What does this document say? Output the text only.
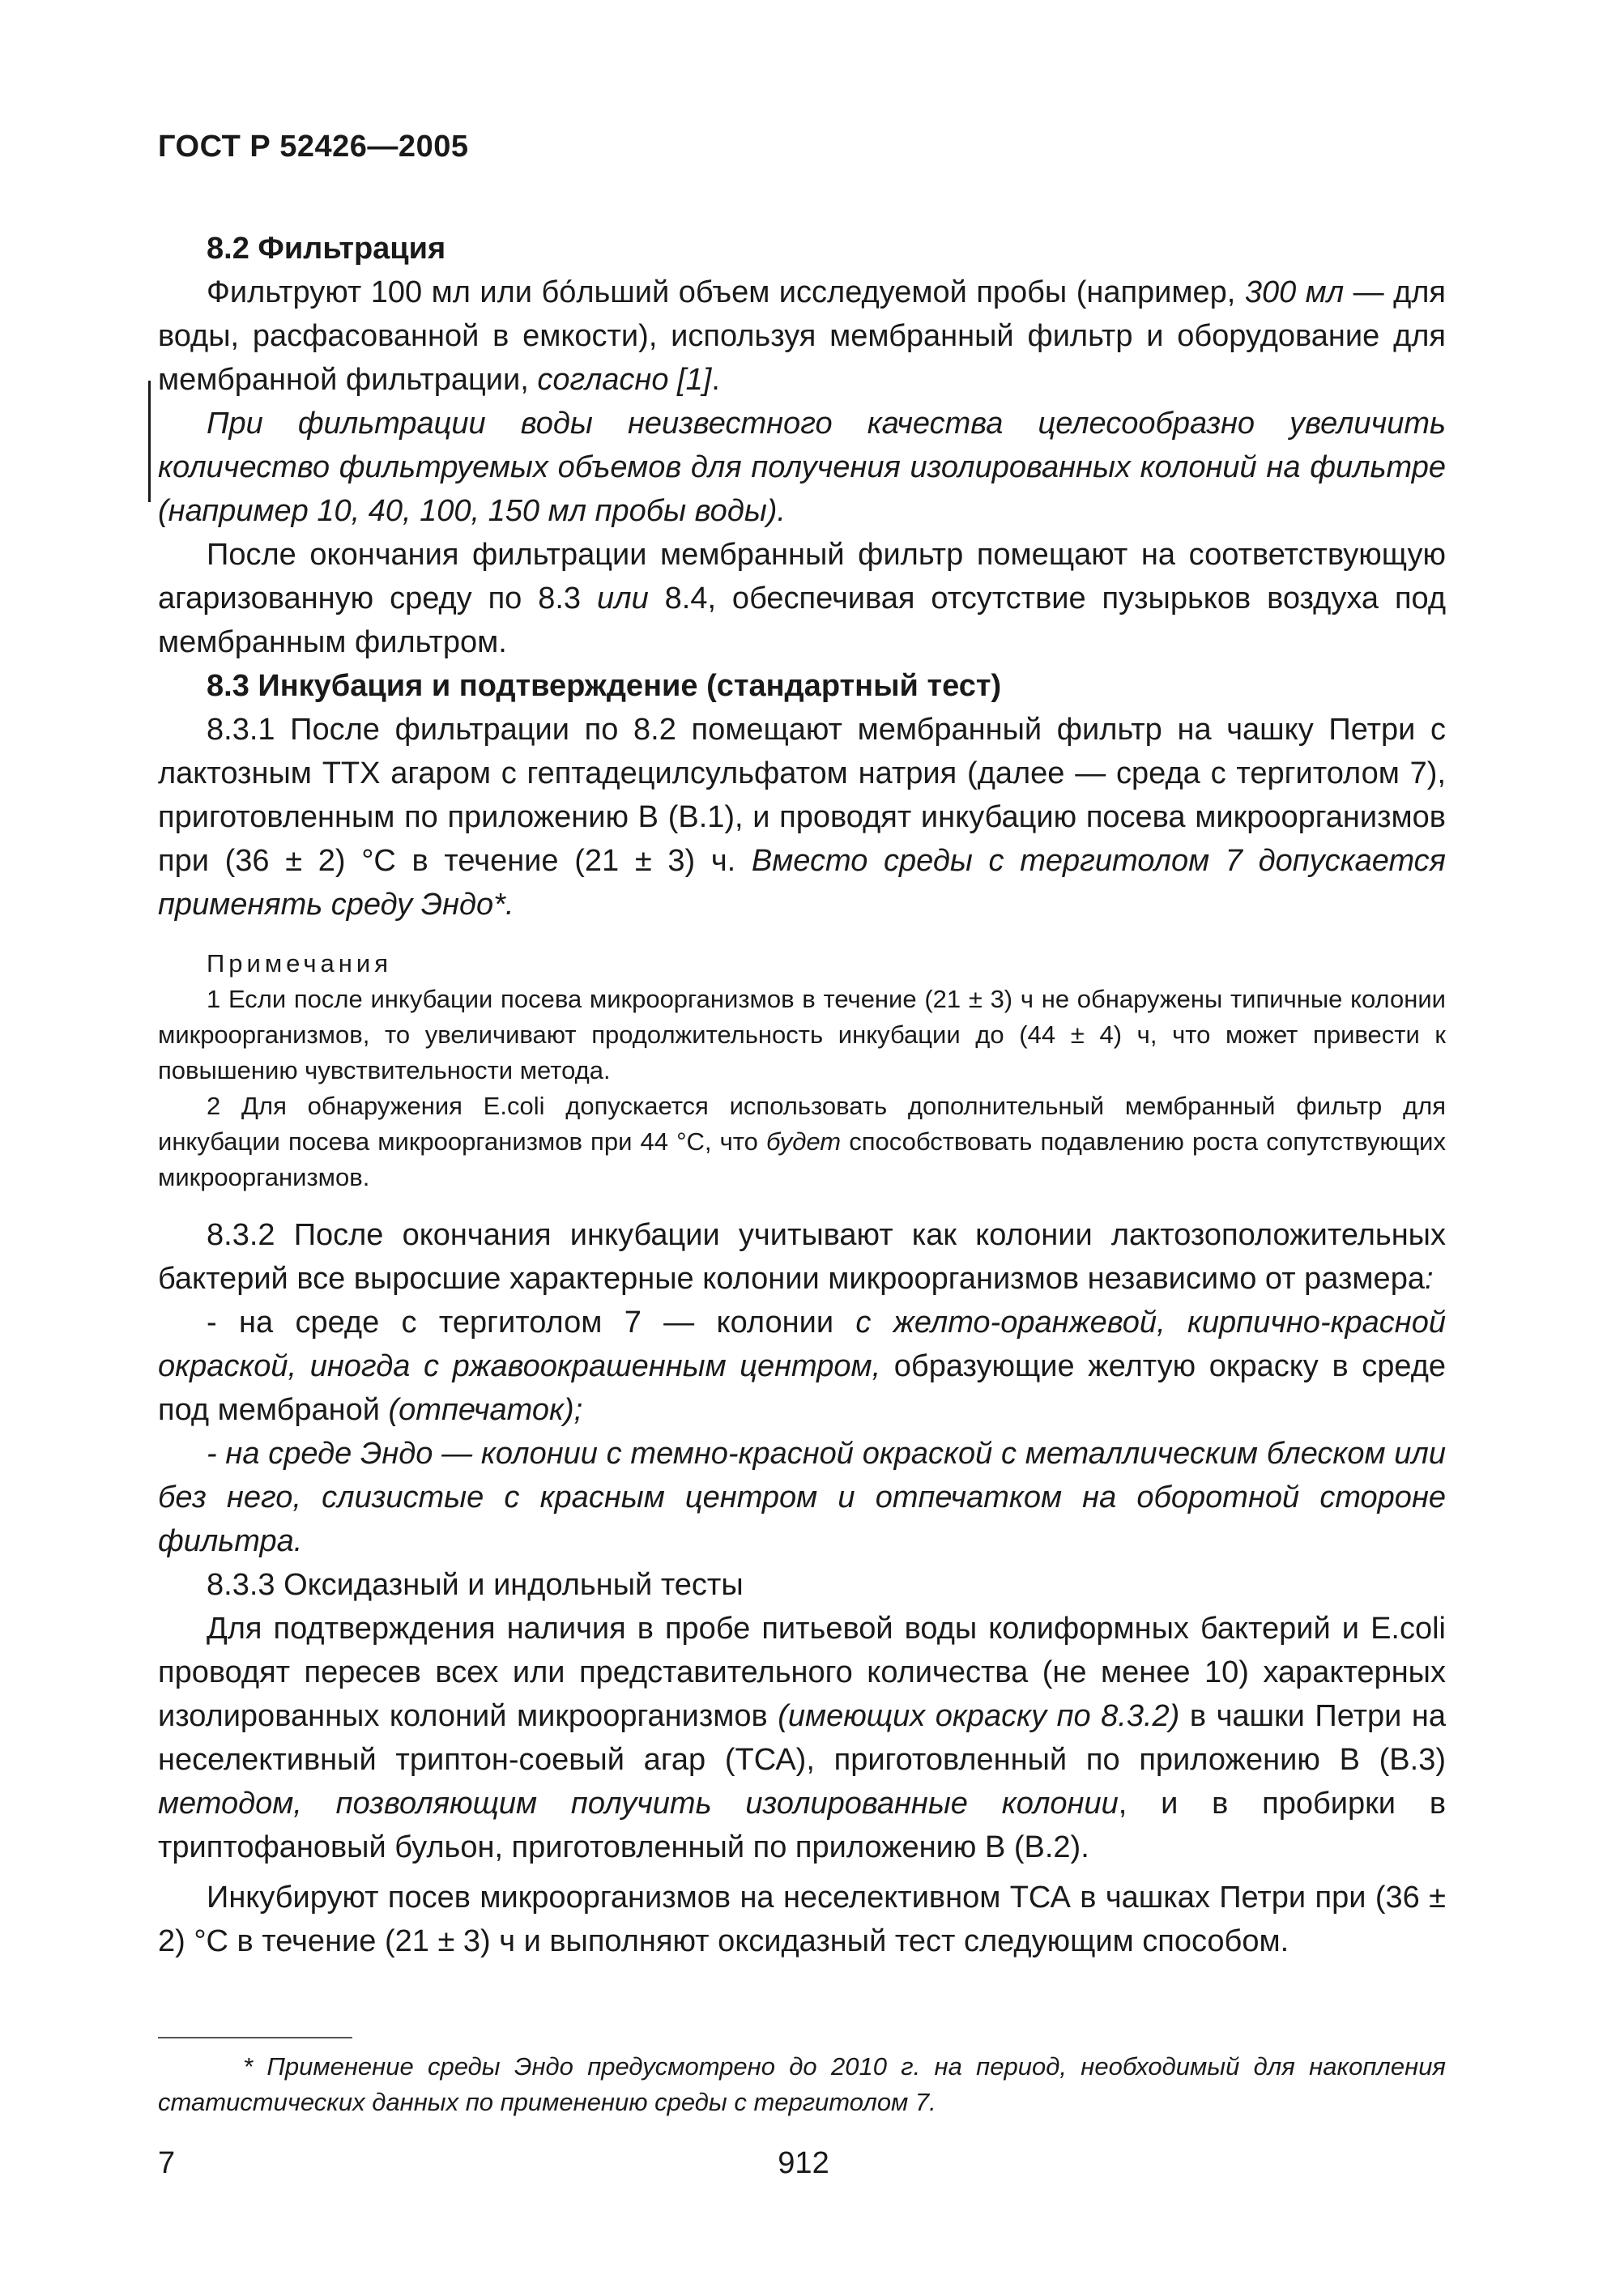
ГОСТ Р 52426—2005

8.2 Фильтрация

Фильтруют 100 мл или бо́льший объем исследуемой пробы (например, 300 мл — для воды, расфасованной в емкости), используя мембранный фильтр и оборудование для мембранной фильтрации, согласно [1].

При фильтрации воды неизвестного качества целесообразно увеличить количество фильтруемых объемов для получения изолированных колоний на фильтре (например 10, 40, 100, 150 мл пробы воды).

После окончания фильтрации мембранный фильтр помещают на соответствующую агаризованную среду по 8.3 или 8.4, обеспечивая отсутствие пузырьков воздуха под мембранным фильтром.

8.3 Инкубация и подтверждение (стандартный тест)

8.3.1 После фильтрации по 8.2 помещают мембранный фильтр на чашку Петри с лактозным ТТХ агаром с гептадецилсульфатом натрия (далее — среда с тергитолом 7), приготовленным по приложению В (В.1), и проводят инкубацию посева микроорганизмов при (36 ± 2) °С в течение (21 ± 3) ч. Вместо среды с тергитолом 7 допускается применять среду Эндо*.

Примечания

1 Если после инкубации посева микроорганизмов в течение (21 ± 3) ч не обнаружены типичные колонии микроорганизмов, то увеличивают продолжительность инкубации до (44 ± 4) ч, что может привести к повышению чувствительности метода.

2 Для обнаружения E.coli допускается использовать дополнительный мембранный фильтр для инкубации посева микроорганизмов при 44 °С, что будет способствовать подавлению роста сопутствующих микроорганизмов.

8.3.2 После окончания инкубации учитывают как колонии лактозоположительных бактерий все выросшие характерные колонии микроорганизмов независимо от размера:

- на среде с тергитолом 7 — колонии с желто-оранжевой, кирпично-красной окраской, иногда с ржавоокрашенным центром, образующие желтую окраску в среде под мембраной (отпечаток);

- на среде Эндо — колонии с темно-красной окраской с металлическим блеском или без него, слизистые с красным центром и отпечатком на оборотной стороне фильтра.

8.3.3 Оксидазный и индольный тесты

Для подтверждения наличия в пробе питьевой воды колиформных бактерий и E.coli проводят пересев всех или представительного количества (не менее 10) характерных изолированных колоний микроорганизмов (имеющих окраску по 8.3.2) в чашки Петри на неселективный триптон-соевый агар (ТСА), приготовленный по приложению В (В.3) методом, позволяющим получить изолированные колонии, и в пробирки в триптофановый бульон, приготовленный по приложению В (В.2).

Инкубируют посев микроорганизмов на неселективном ТСА в чашках Петри при (36 ± 2) °С в течение (21 ± 3) ч и выполняют оксидазный тест следующим способом.

* Применение среды Эндо предусмотрено до 2010 г. на период, необходимый для накопления статистических данных по применению среды с тергитолом 7.

7	912
